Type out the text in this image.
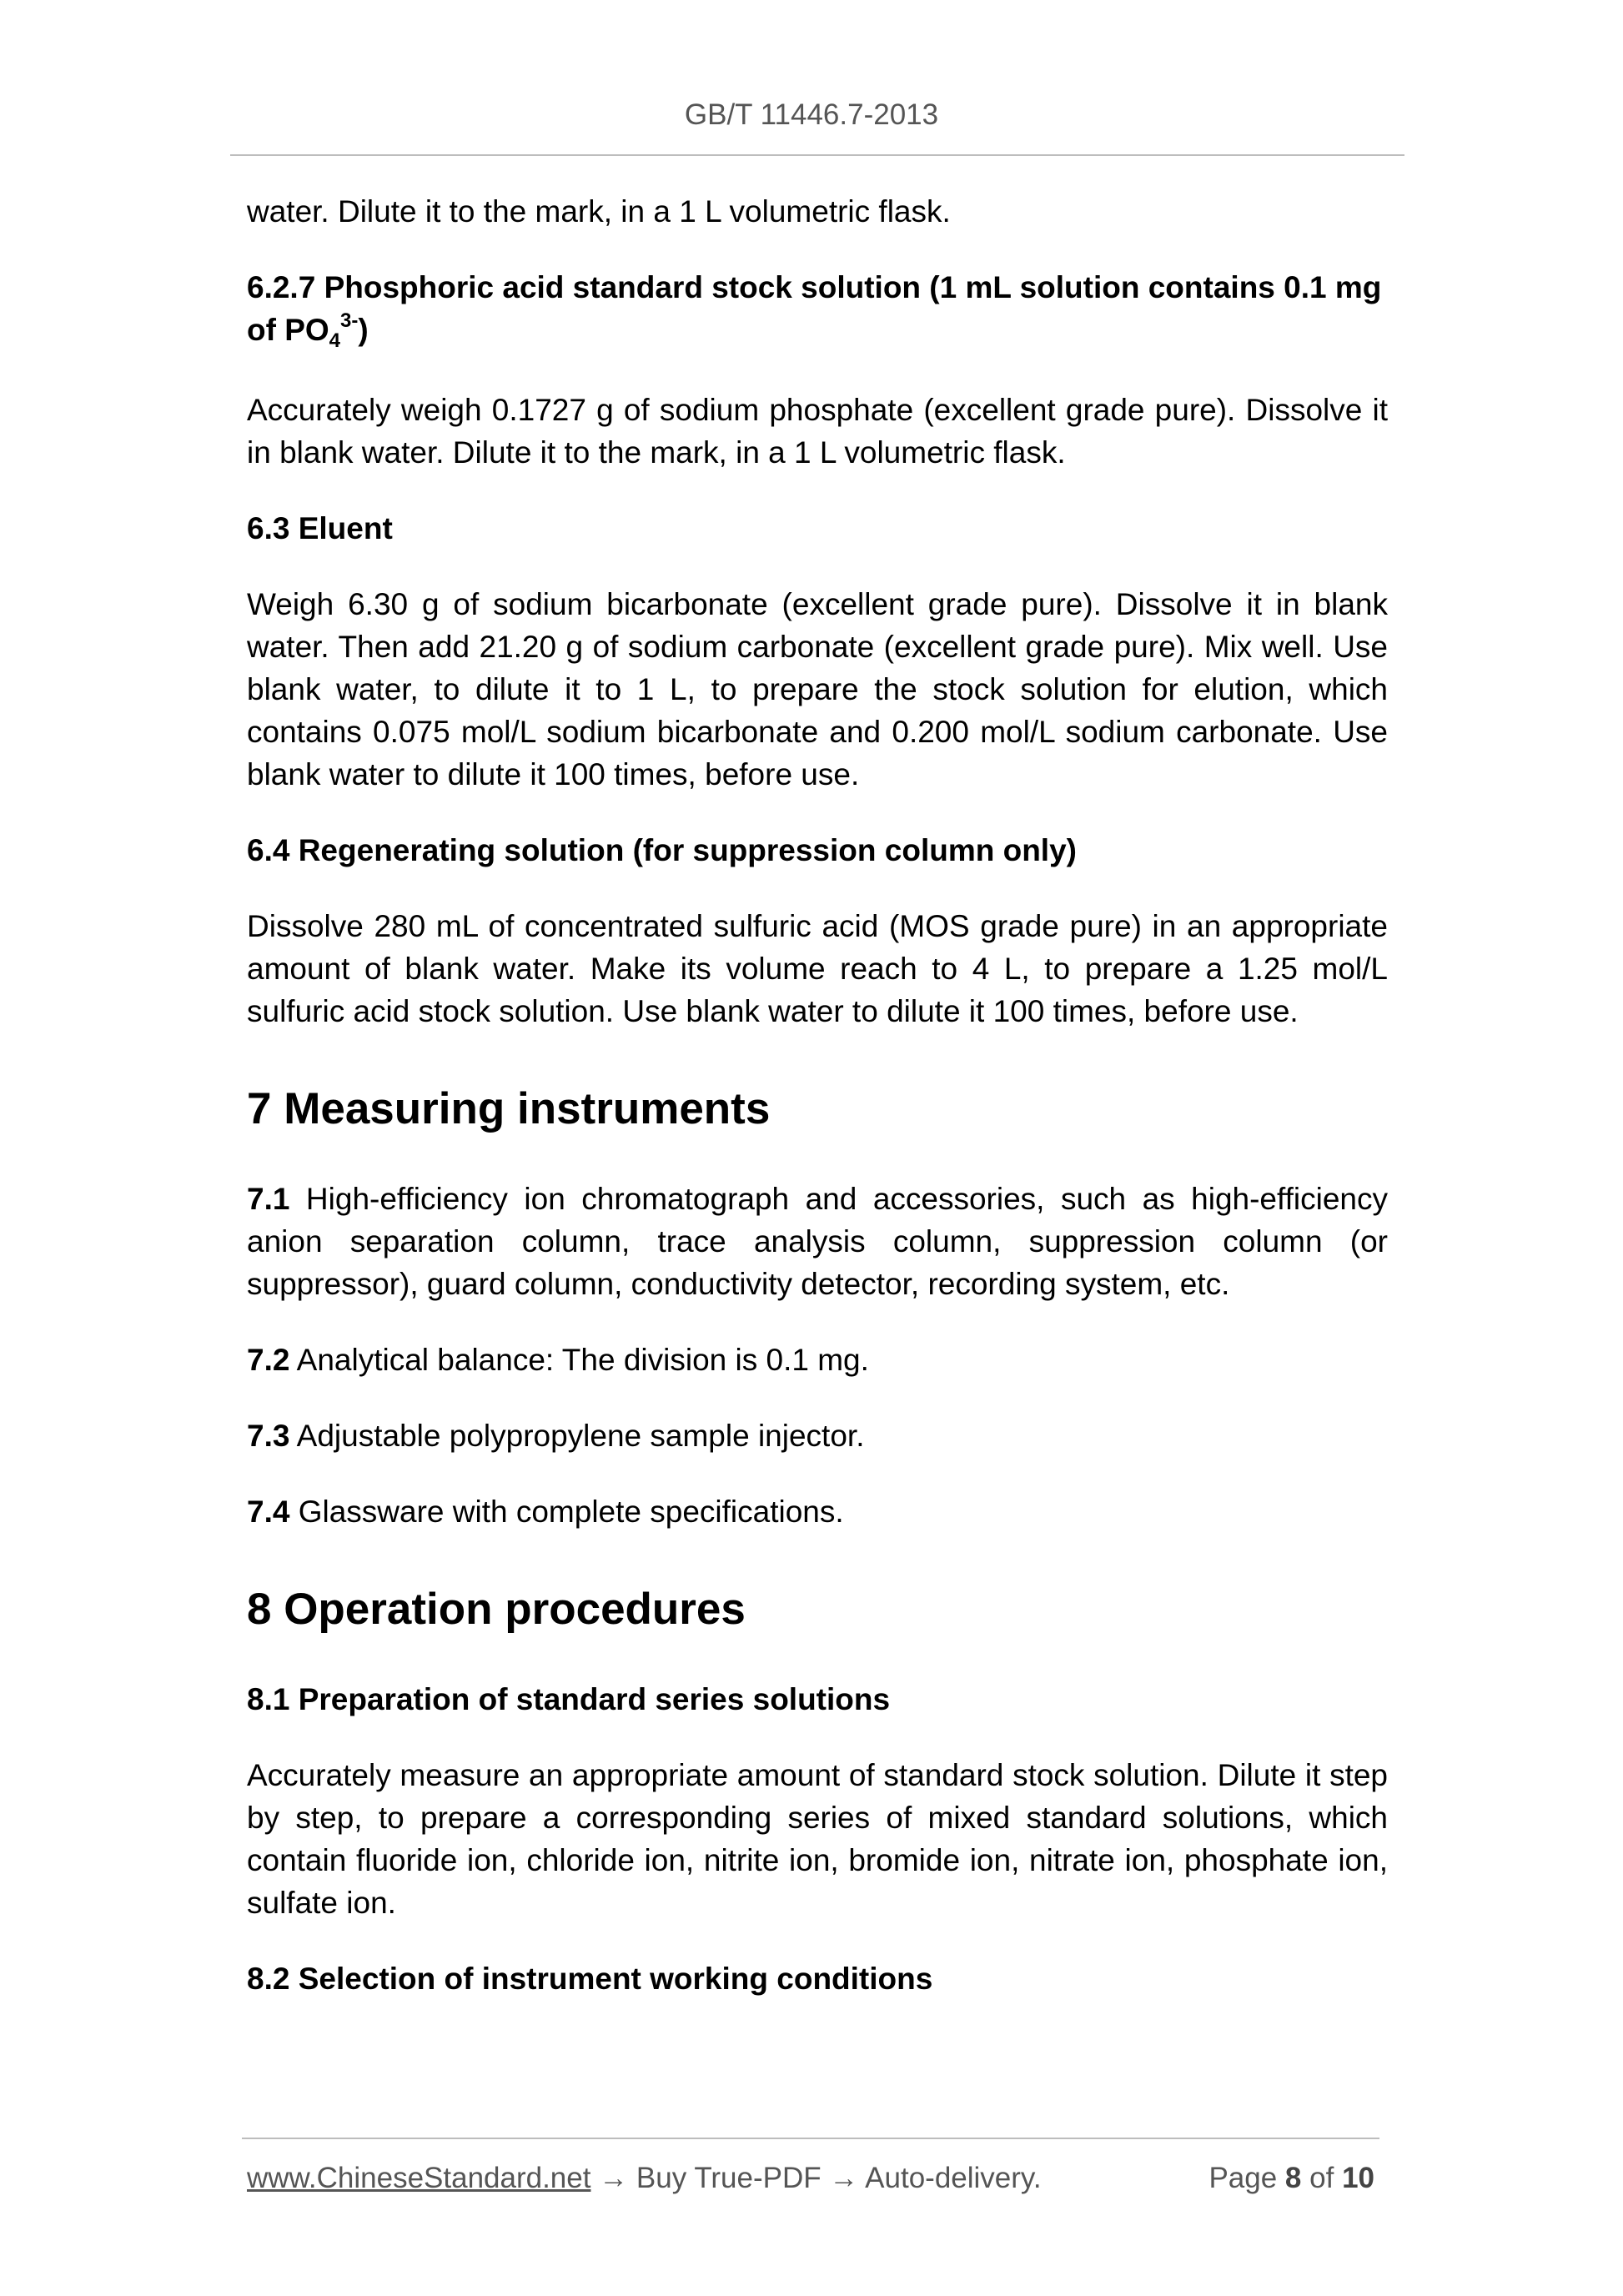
GB/T 11446.7-2013

water. Dilute it to the mark, in a 1 L volumetric flask.

6.2.7 Phosphoric acid standard stock solution (1 mL solution contains 0.1 mg of $PO_4^{3-}$)

Accurately weigh 0.1727 g of sodium phosphate (excellent grade pure). Dissolve it in blank water. Dilute it to the mark, in a 1 L volumetric flask.

6.3 Eluent

Weigh 6.30 g of sodium bicarbonate (excellent grade pure). Dissolve it in blank water. Then add 21.20 g of sodium carbonate (excellent grade pure). Mix well. Use blank water, to dilute it to 1 L, to prepare the stock solution for elution, which contains 0.075 mol/L sodium bicarbonate and 0.200 mol/L sodium carbonate. Use blank water to dilute it 100 times, before use.

6.4 Regenerating solution (for suppression column only)

Dissolve 280 mL of concentrated sulfuric acid (MOS grade pure) in an appropriate amount of blank water. Make its volume reach to 4 L, to prepare a 1.25 mol/L sulfuric acid stock solution. Use blank water to dilute it 100 times, before use.

7 Measuring instruments

7.1 High-efficiency ion chromatograph and accessories, such as high-efficiency anion separation column, trace analysis column, suppression column (or suppressor), guard column, conductivity detector, recording system, etc.

7.2 Analytical balance: The division is 0.1 mg.

7.3 Adjustable polypropylene sample injector.

7.4 Glassware with complete specifications.

8 Operation procedures
8.1 Preparation of standard series solutions

Accurately measure an appropriate amount of standard stock solution. Dilute it step by step, to prepare a corresponding series of mixed standard solutions, which contain fluoride ion, chloride ion, nitrite ion, bromide ion, nitrate ion, phosphate ion, sulfate ion.

8.2 Selection of instrument working conditions
www.ChineseStandard.net → Buy True-PDF → Auto-delivery.	Page 8 of 10
